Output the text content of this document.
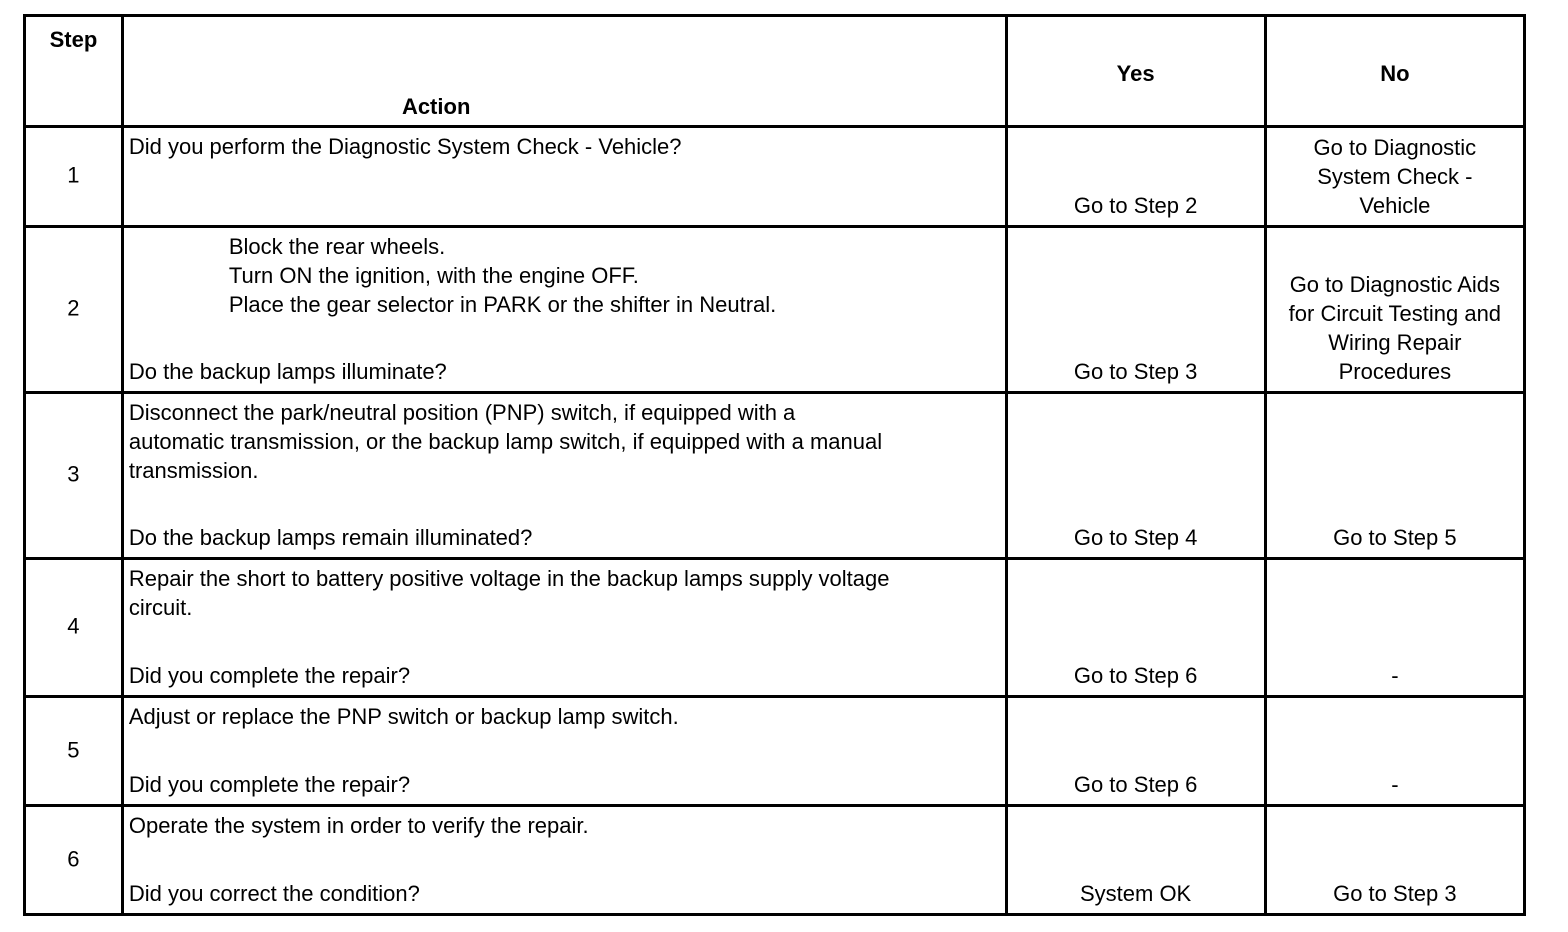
Step	Action	Yes	No

1	Did you perform the Diagnostic System Check - Vehicle?	Go to Step 2	Go to Diagnostic
System Check -
Vehicle

2	Block the rear wheels.
Turn ON the ignition, with the engine OFF.
Place the gear selector in PARK or the shifter in Neutral.
Do the backup lamps illuminate?	Go to Step 3	Go to Diagnostic Aids
for Circuit Testing and
Wiring Repair
Procedures

3	Disconnect the park/neutral position (PNP) switch, if equipped with a
automatic transmission, or the backup lamp switch, if equipped with a manual
transmission.
Do the backup lamps remain illuminated?	Go to Step 4	Go to Step 5

4	Repair the short to battery positive voltage in the backup lamps supply voltage
circuit.
Did you complete the repair?	Go to Step 6	-

5	Adjust or replace the PNP switch or backup lamp switch.
Did you complete the repair?	Go to Step 6	-

6	Operate the system in order to verify the repair.
Did you correct the condition?	System OK	Go to Step 3
